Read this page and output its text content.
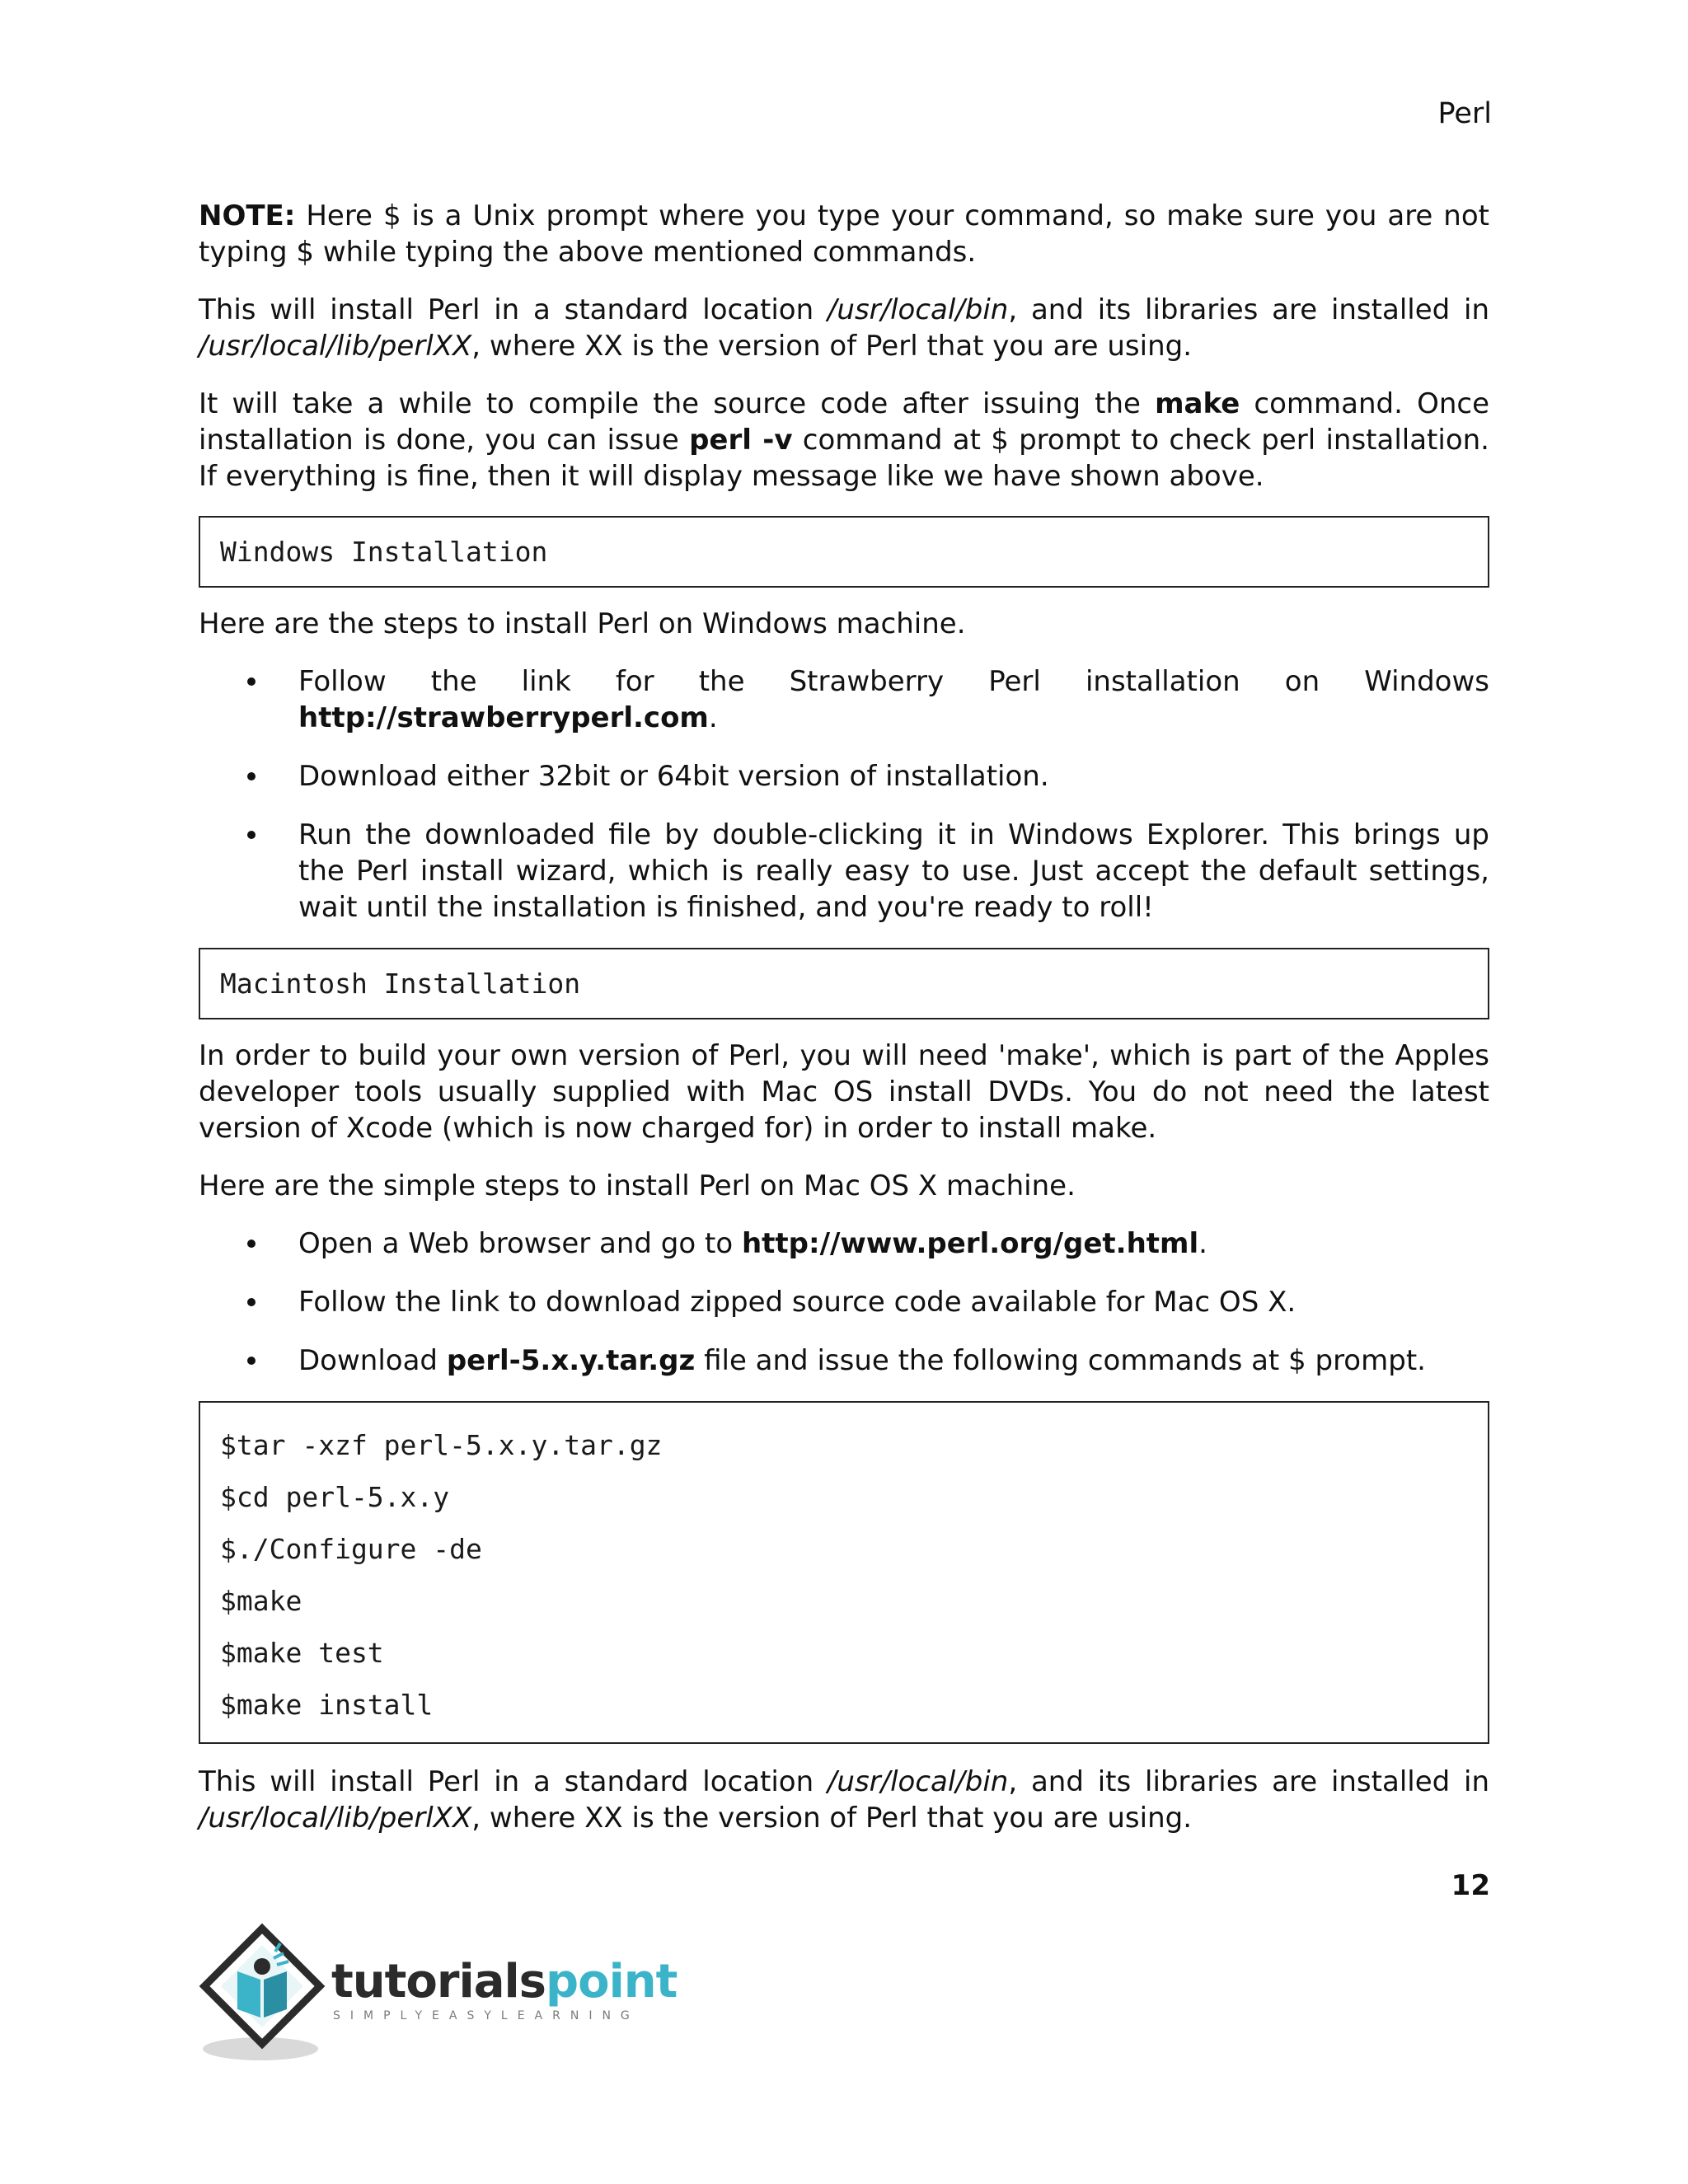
Perl

NOTE: Here $ is a Unix prompt where you type your command, so make sure you are not typing $ while typing the above mentioned commands.

This will install Perl in a standard location /usr/local/bin, and its libraries are installed in /usr/local/lib/perlXX, where XX is the version of Perl that you are using.

It will take a while to compile the source code after issuing the make command. Once installation is done, you can issue perl -v command at $ prompt to check perl installation. If everything is fine, then it will display message like we have shown above.

Windows Installation

Here are the steps to install Perl on Windows machine.

Follow the link for the Strawberry Perl installation on Windows http://strawberryperl.com.
Download either 32bit or 64bit version of installation.
Run the downloaded file by double-clicking it in Windows Explorer. This brings up the Perl install wizard, which is really easy to use. Just accept the default settings, wait until the installation is finished, and you're ready to roll!
Macintosh Installation

In order to build your own version of Perl, you will need 'make', which is part of the Apples developer tools usually supplied with Mac OS install DVDs. You do not need the latest version of Xcode (which is now charged for) in order to install make.

Here are the simple steps to install Perl on Mac OS X machine.

Open a Web browser and go to http://www.perl.org/get.html.
Follow the link to download zipped source code available for Mac OS X.
Download perl-5.x.y.tar.gz file and issue the following commands at $ prompt.
$tar -xzf perl-5.x.y.tar.gz
$cd perl-5.x.y
$./Configure -de
$make
$make test
$make install

This will install Perl in a standard location /usr/local/bin, and its libraries are installed in /usr/local/lib/perlXX, where XX is the version of Perl that you are using.

12
tutorialspoint
SIMPLYEASYLEARNING
